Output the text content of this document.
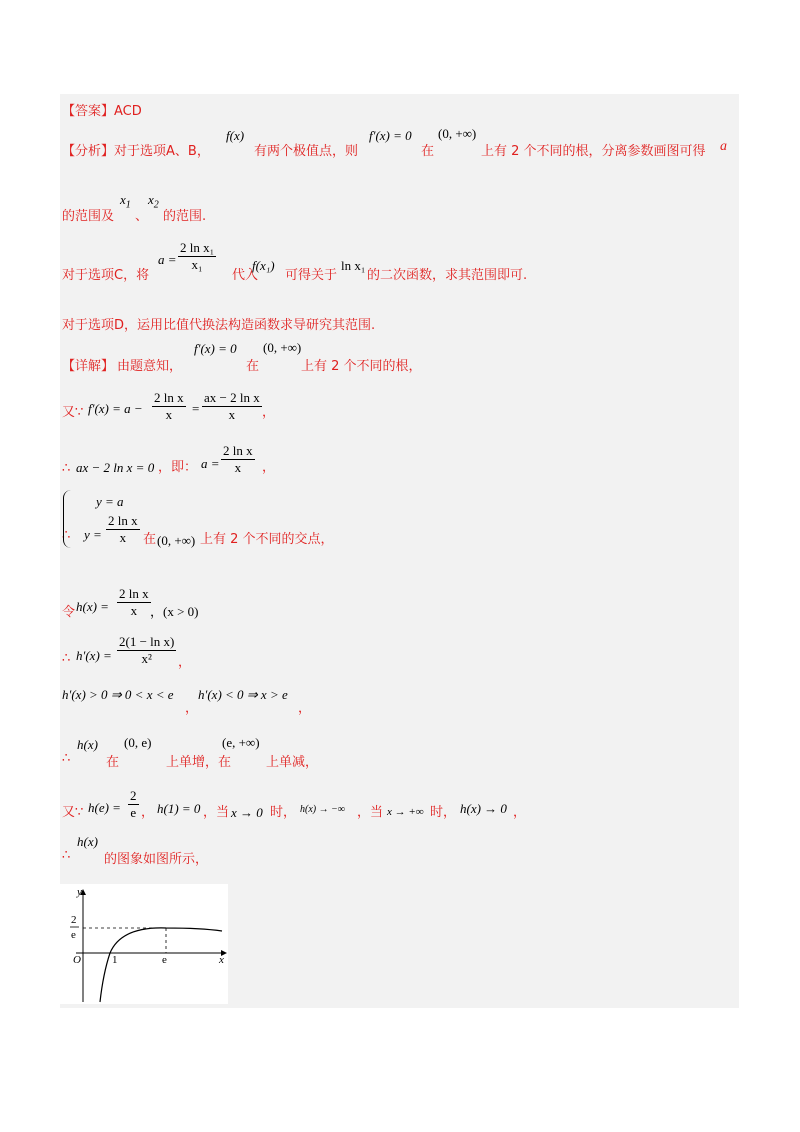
【答案】ACD
【分析】对于选项A、B，
f(x)
有两个极值点，则
f′(x) = 0
在
(0, +∞)
上有 2 个不同的根，分离参数画图可得 a
的范围及
$x_1$
、
$x_2$
的范围.
对于选项C，将
$a = \frac{\text{2 ln x₁}}{\text{x₁}}$
代入
f(x₁)
可得关于
ln x₁
的二次函数，求其范围即可.
对于选项D，运用比值代换法构造函数求导研究其范围.
【详解】 由题意知，
f′(x) = 0
在
(0, +∞)
上有 2 个不同的根，
又∵ $f'(x) = a - \frac{\text{2 ln x}}{x} = \frac{\text{ax − 2 ln x}}{x}$ ，
∴ ax − 2 ln x = 0 ，即： $a = \frac{\text{2 ln x}}{x}$ ，
∴
y = a
$y = \frac{\text{2 ln x}}{x}$ 在 (0, +∞) 上有 2 个不同的交点，
令 $h(x) = \frac{\text{2 ln x}}{x}$ ，(x > 0)
∴ $h'(x) = \frac{\text{2(1 − ln x)}}{\text{x²}}$ ，
h′(x) > 0 ⇒ 0 < x < e
，
h′(x) < 0 ⇒ x > e
，
∴
h(x)
在
(0, e)
上单增，在
(e, +∞)
上单减，
又∵ $h(e) = \frac{2}{e}$ ， h(1) = 0 ，当 x → 0 时， h(x) → −∞ ，当 x → +∞ 时， h(x) → 0 ，
∴
h(x)
的图象如图所示，
y
x
O	1	e
2
e
